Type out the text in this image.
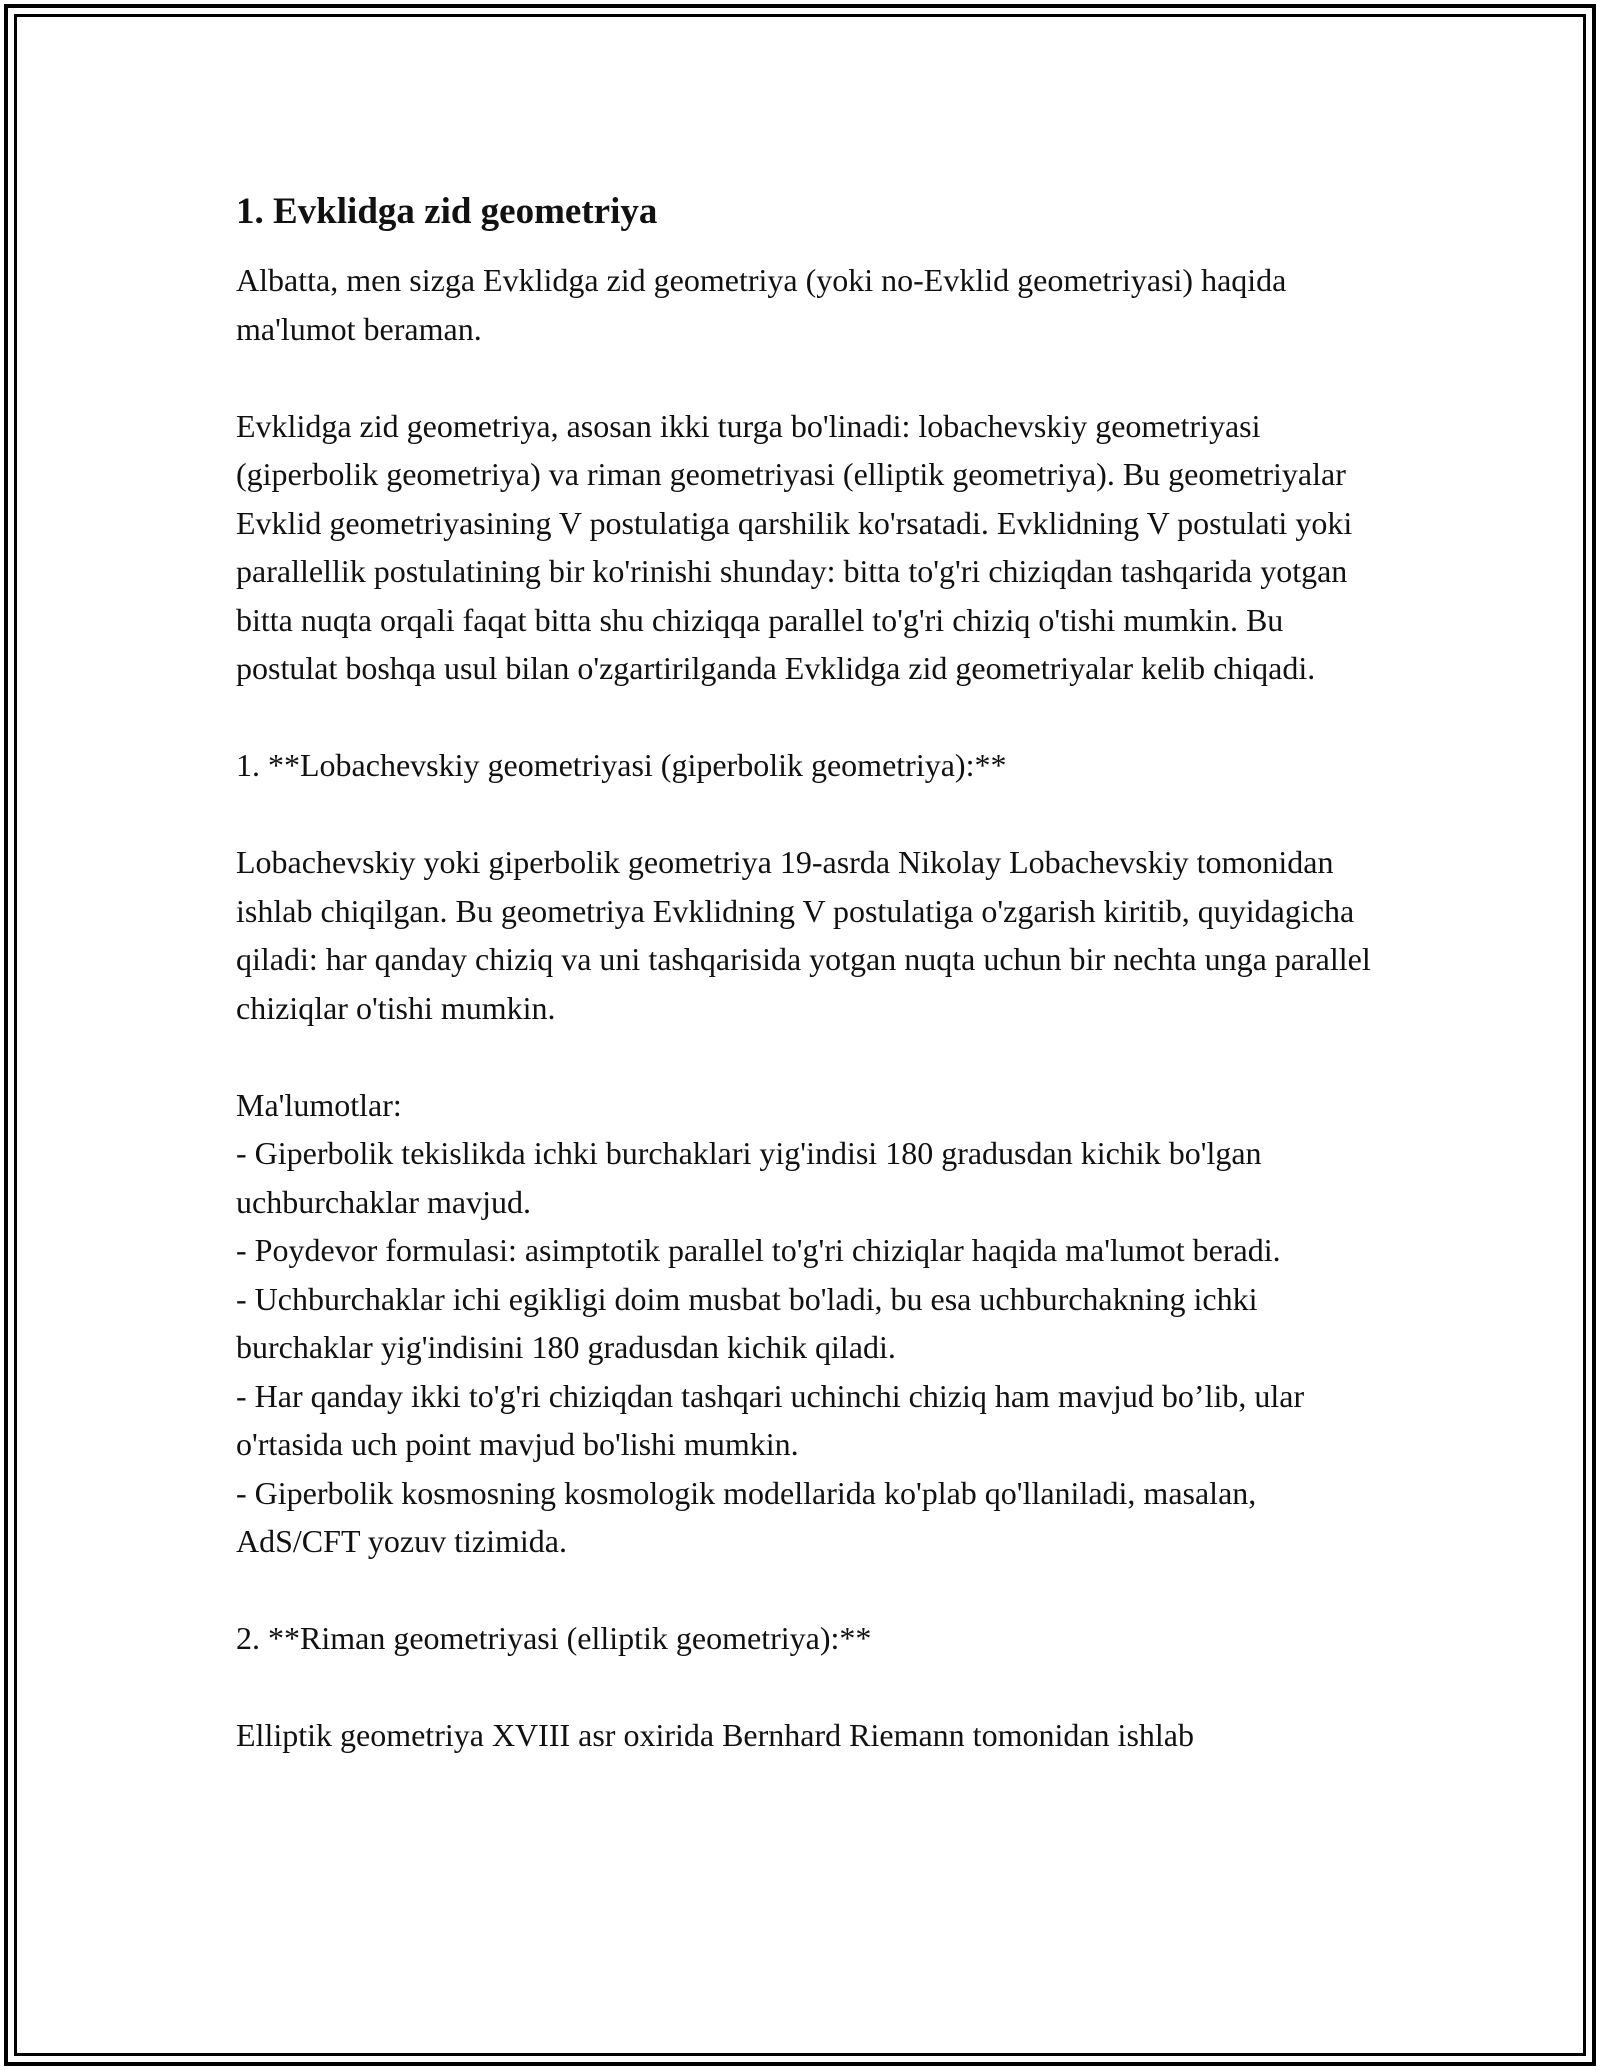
1. Evklidga zid geometriya

Albatta, men sizga Evklidga zid geometriya (yoki no-Evklid geometriyasi) haqida ma'lumot beraman.

Evklidga zid geometriya, asosan ikki turga bo'linadi: lobachevskiy geometriyasi (giperbolik geometriya) va riman geometriyasi (elliptik geometriya). Bu geometriyalar Evklid geometriyasining V postulatiga qarshilik ko'rsatadi. Evklidning V postulati yoki parallellik postulatining bir ko'rinishi shunday: bitta to'g'ri chiziqdan tashqarida yotgan bitta nuqta orqali faqat bitta shu chiziqqa parallel to'g'ri chiziq o'tishi mumkin. Bu postulat boshqa usul bilan o'zgartirilganda Evklidga zid geometriyalar kelib chiqadi.

1. **Lobachevskiy geometriyasi (giperbolik geometriya):**

Lobachevskiy yoki giperbolik geometriya 19-asrda Nikolay Lobachevskiy tomonidan ishlab chiqilgan. Bu geometriya Evklidning V postulatiga o'zgarish kiritib, quyidagicha qiladi: har qanday chiziq va uni tashqarisida yotgan nuqta uchun bir nechta unga parallel chiziqlar o'tishi mumkin.

Ma'lumotlar:
- Giperbolik tekislikda ichki burchaklari yig'indisi 180 gradusdan kichik bo'lgan uchburchaklar mavjud.
- Poydevor formulasi: asimptotik parallel to'g'ri chiziqlar haqida ma'lumot beradi.
- Uchburchaklar ichi egikligi doim musbat bo'ladi, bu esa uchburchakning ichki burchaklar yig'indisini 180 gradusdan kichik qiladi.
- Har qanday ikki to'g'ri chiziqdan tashqari uchinchi chiziq ham mavjud bo’lib, ular o'rtasida uch point mavjud bo'lishi mumkin.
- Giperbolik kosmosning kosmologik modellarida ko'plab qo'llaniladi, masalan, AdS/CFT yozuv tizimida.

2. **Riman geometriyasi (elliptik geometriya):**

Elliptik geometriya XVIII asr oxirida Bernhard Riemann tomonidan ishlab
